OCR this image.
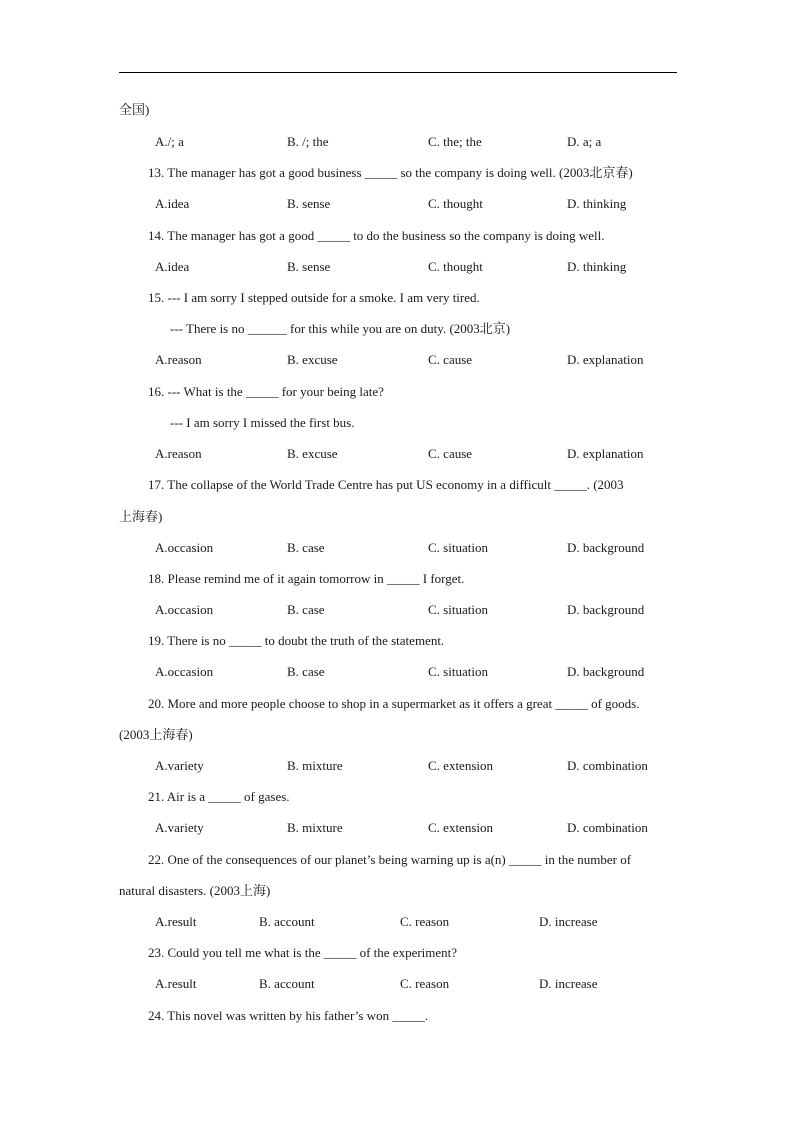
全国)
A./; a	B. /; the	C. the; the	D. a; a
13. The manager has got a good business _____ so the company is doing well. (2003北京春)
A.idea	B. sense	C. thought	D. thinking
14. The manager has got a good _____ to do the business so the company is doing well.
A.idea	B. sense	C. thought	D. thinking
15. --- I am sorry I stepped outside for a smoke. I am very tired.
--- There is no ______ for this while you are on duty. (2003北京)
A.reason	B. excuse	C. cause	D. explanation
16. --- What is the _____ for your being late?
--- I am sorry I missed the first bus.
A.reason	B. excuse	C. cause	D. explanation
17. The collapse of the World Trade Centre has put US economy in a difficult _____. (2003
上海春)
A.occasion	B. case	C. situation	D. background
18. Please remind me of it again tomorrow in _____ I forget.
A.occasion	B. case	C. situation	D. background
19. There is no _____ to doubt the truth of the statement.
A.occasion	B. case	C. situation	D. background
20. More and more people choose to shop in a supermarket as it offers a great _____ of goods.
(2003上海春)
A.variety	B. mixture	C. extension	D. combination
21. Air is a _____ of gases.
A.variety	B. mixture	C. extension	D. combination
22. One of the consequences of our planet’s being warning up is a(n) _____ in the number of
natural disasters. (2003上海)
A.result	B. account	C. reason	D. increase
23. Could you tell me what is the _____ of the experiment?
A.result	B. account	C. reason	D. increase
24. This novel was written by his father’s won _____.
